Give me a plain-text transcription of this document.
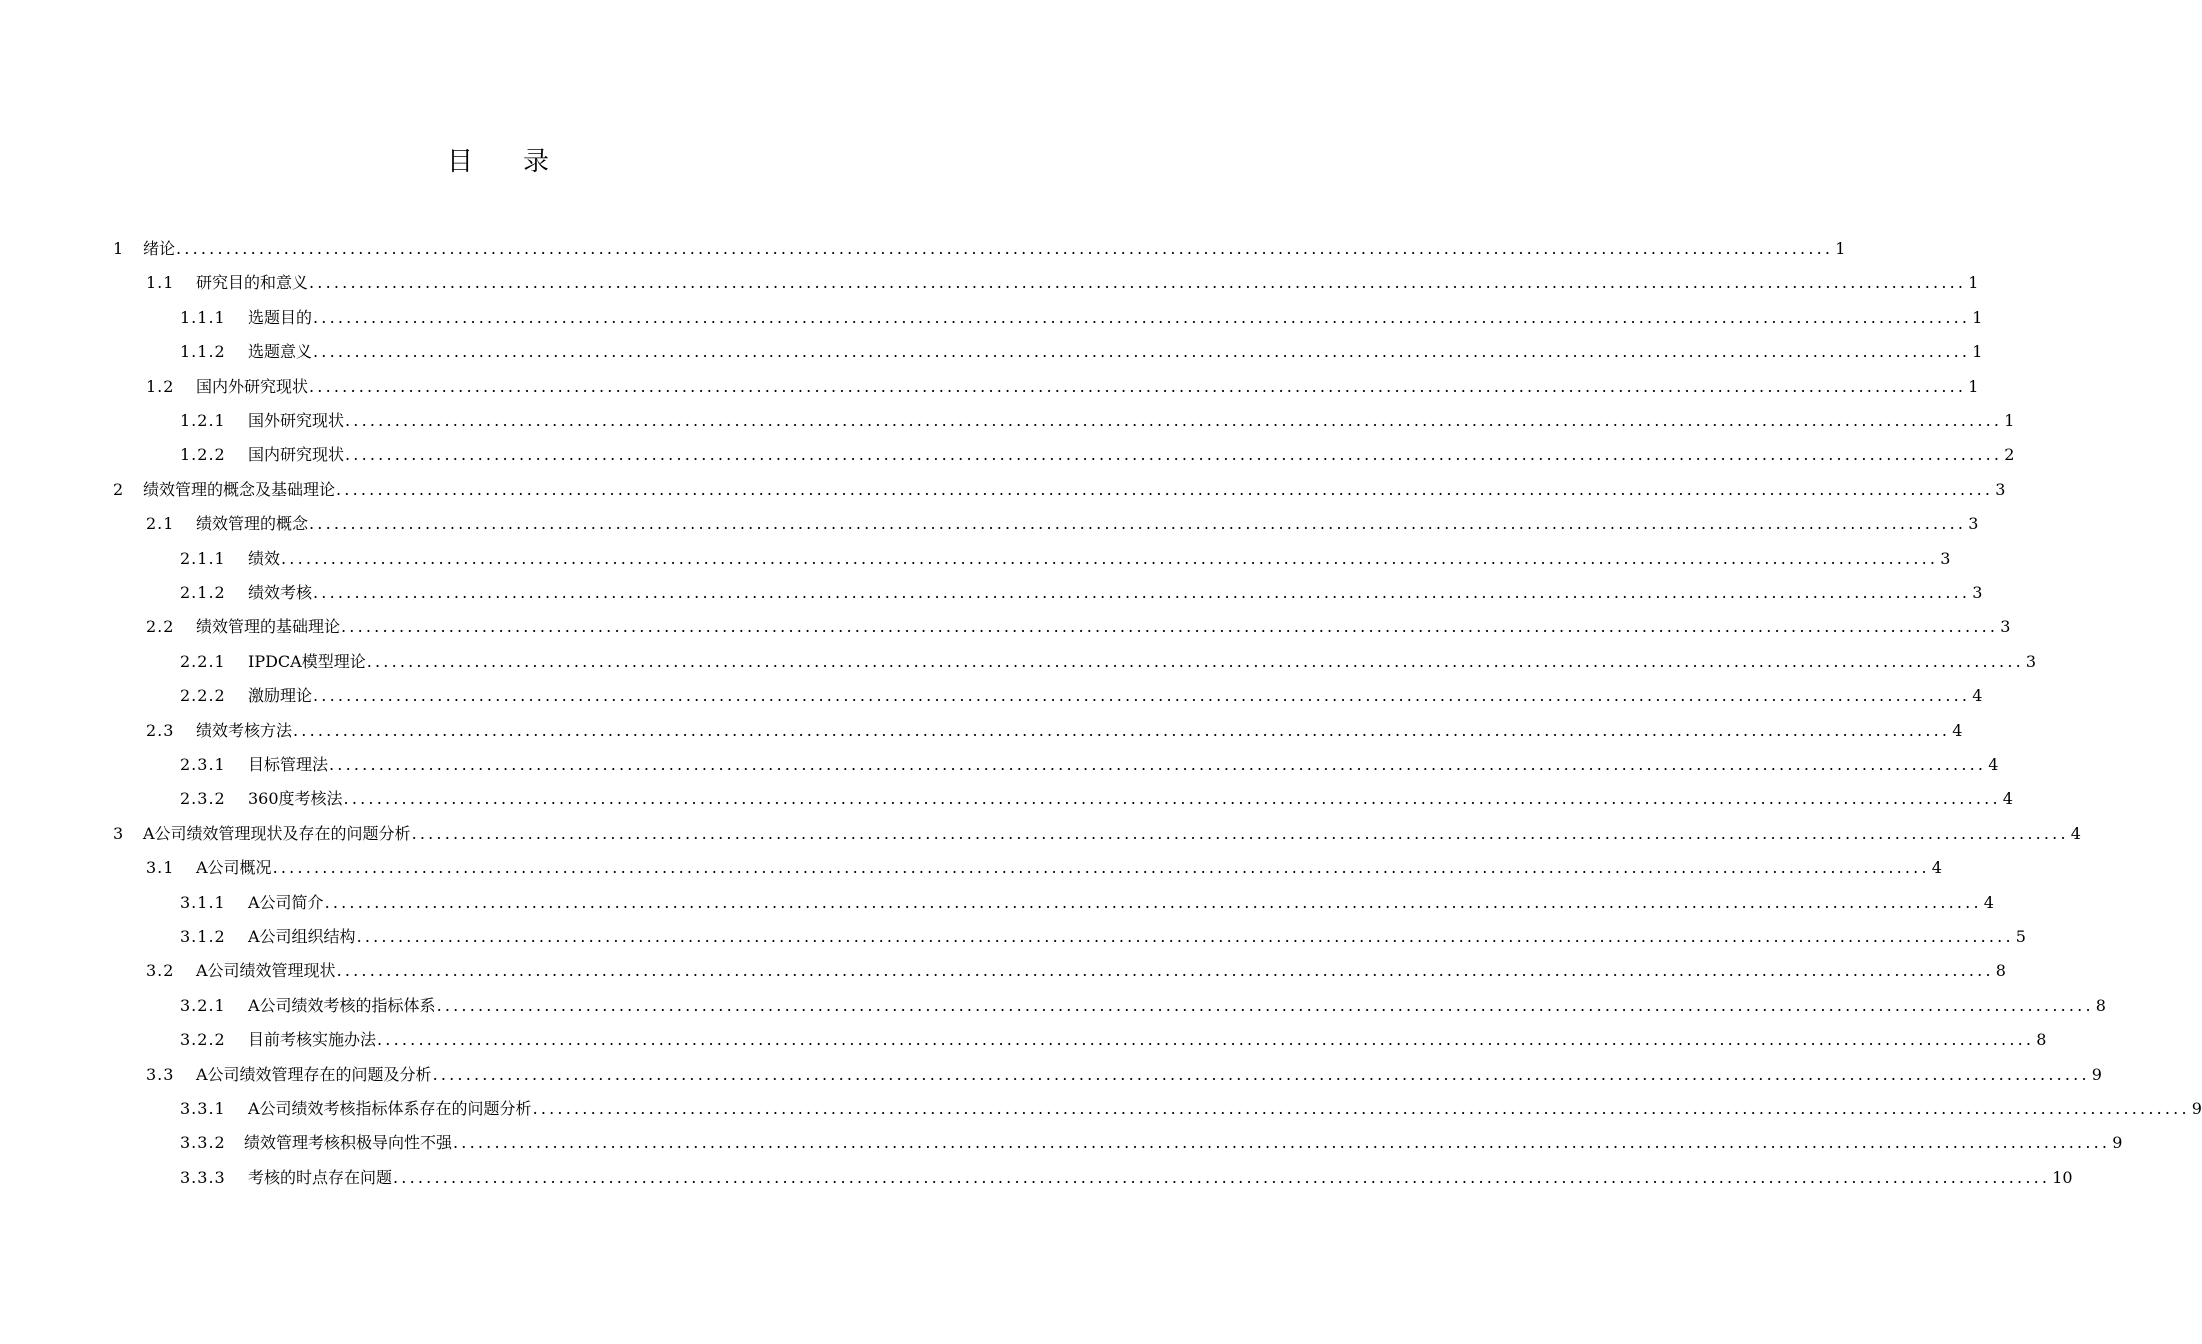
目录
1	绪论 ........................................................................................................................................................................................................ 1
1.1	研究目的和意义 ........................................................................................................................................................................................................ 1
1.1.1	选题目的 ........................................................................................................................................................................................................ 1
1.1.2	选题意义 ........................................................................................................................................................................................................ 1
1.2	国内外研究现状 ........................................................................................................................................................................................................ 1
1.2.1	国外研究现状 ........................................................................................................................................................................................................ 1
1.2.2	国内研究现状 ........................................................................................................................................................................................................ 2
2	绩效管理的概念及基础理论 ........................................................................................................................................................................................................ 3
2.1	绩效管理的概念 ........................................................................................................................................................................................................ 3
2.1.1	绩效 ........................................................................................................................................................................................................ 3
2.1.2	绩效考核 ........................................................................................................................................................................................................ 3
2.2	绩效管理的基础理论 ........................................................................................................................................................................................................ 3
2.2.1	IPDCA模型理论 ........................................................................................................................................................................................................ 3
2.2.2	激励理论 ........................................................................................................................................................................................................ 4
2.3	绩效考核方法 ........................................................................................................................................................................................................ 4
2.3.1	目标管理法 ........................................................................................................................................................................................................ 4
2.3.2	360度考核法 ........................................................................................................................................................................................................ 4
3	A公司绩效管理现状及存在的问题分析 ........................................................................................................................................................................................................ 4
3.1	A公司概况 ........................................................................................................................................................................................................ 4
3.1.1	A公司简介 ........................................................................................................................................................................................................ 4
3.1.2	A公司组织结构 ........................................................................................................................................................................................................ 5
3.2	A公司绩效管理现状 ........................................................................................................................................................................................................ 8
3.2.1	A公司绩效考核的指标体系 ........................................................................................................................................................................................................ 8
3.2.2	目前考核实施办法 ........................................................................................................................................................................................................ 8
3.3	A公司绩效管理存在的问题及分析 ........................................................................................................................................................................................................ 9
3.3.1	A公司绩效考核指标体系存在的问题分析 ........................................................................................................................................................................................................ 9
3.3.2	绩效管理考核积极导向性不强 ........................................................................................................................................................................................................ 9
3.3.3	考核的时点存在问题 ........................................................................................................................................................................................................ 10
